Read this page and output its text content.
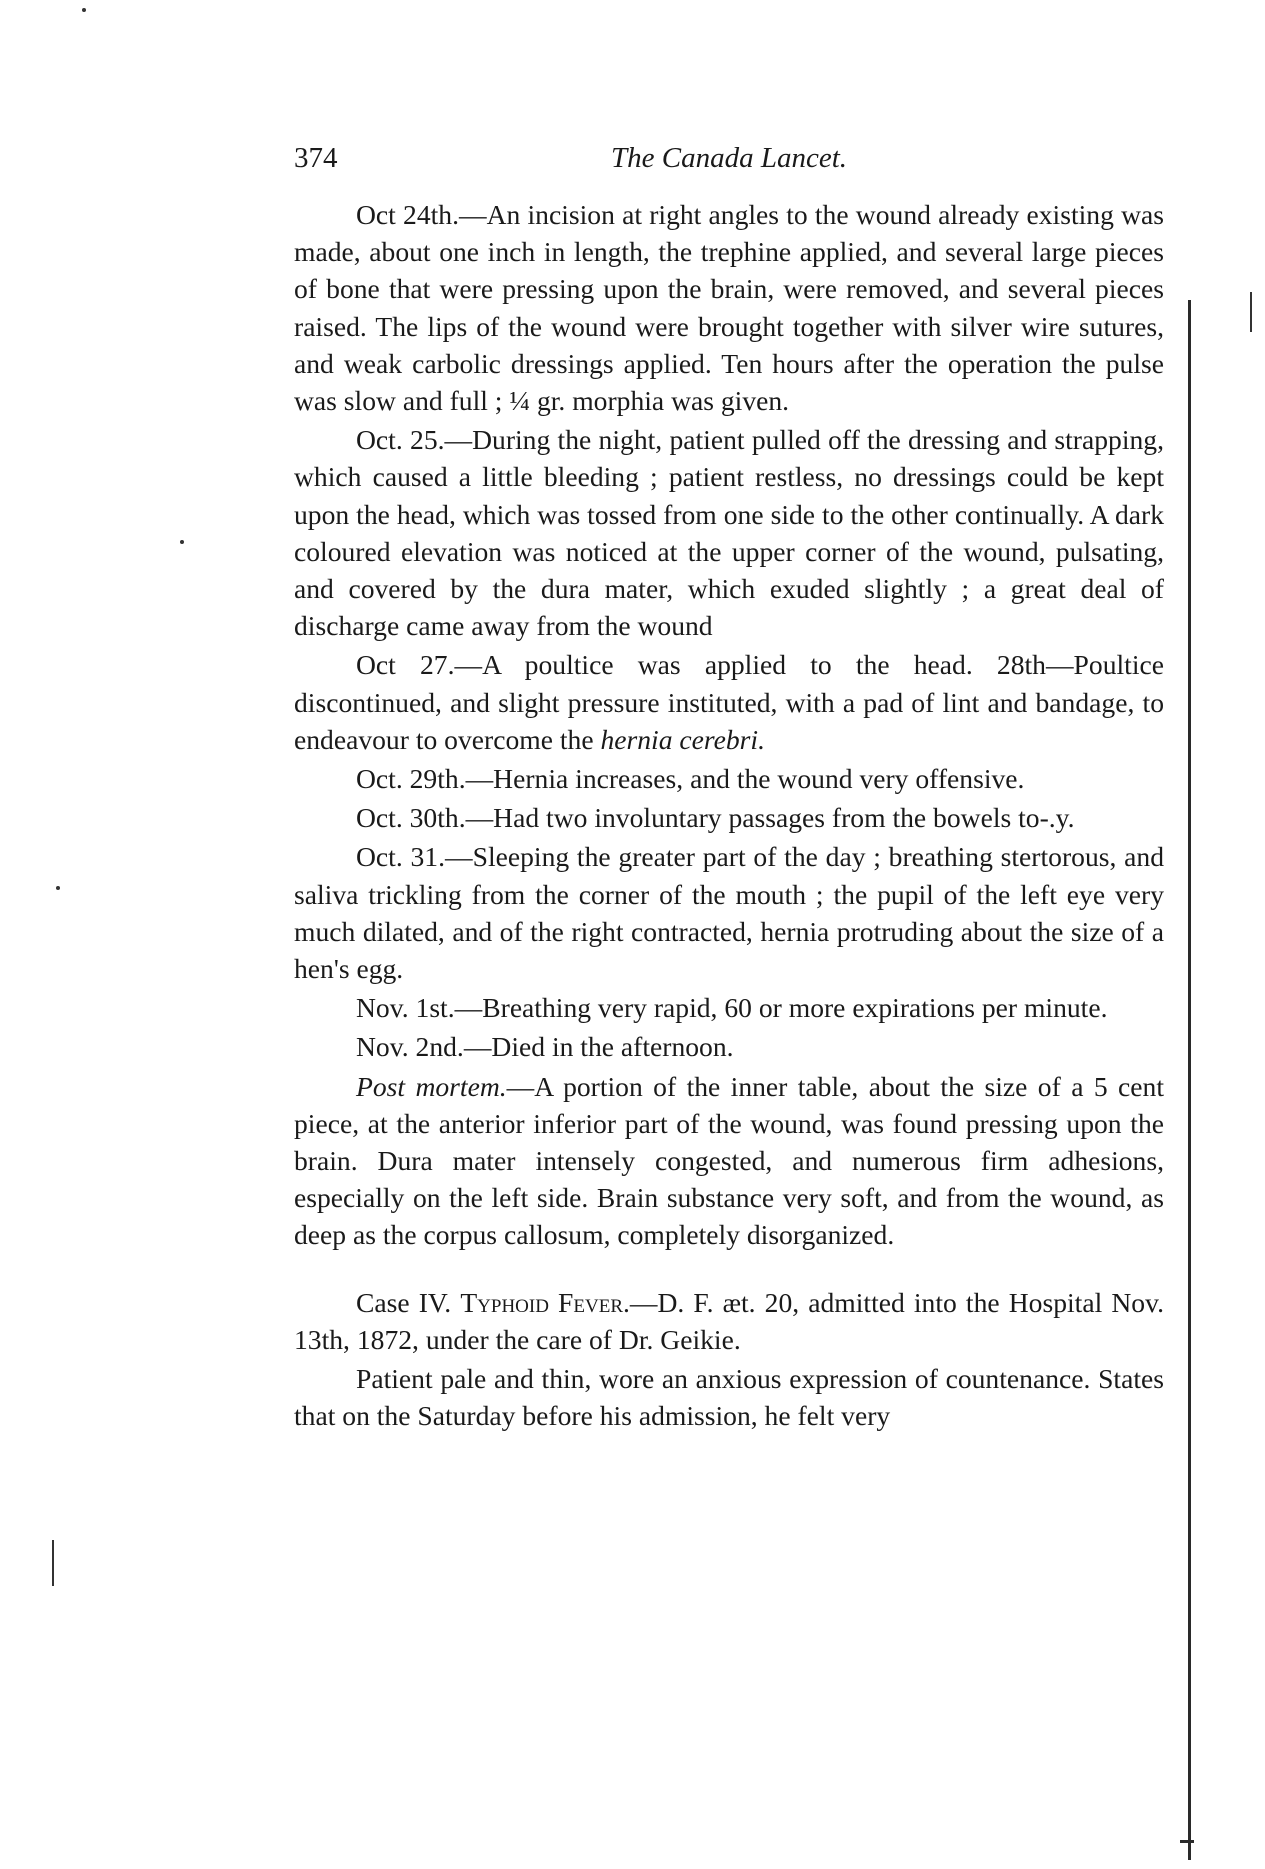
374	The Canada Lancet.

Oct 24th.—An incision at right angles to the wound already existing was made, about one inch in length, the trephine applied, and several large pieces of bone that were pressing upon the brain, were removed, and several pieces raised. The lips of the wound were brought together with silver wire sutures, and weak carbolic dressings applied. Ten hours after the operation the pulse was slow and full ; ¼ gr. morphia was given.

Oct. 25.—During the night, patient pulled off the dressing and strapping, which caused a little bleeding ; patient restless, no dressings could be kept upon the head, which was tossed from one side to the other continually. A dark coloured elevation was noticed at the upper corner of the wound, pulsating, and covered by the dura mater, which exuded slightly ; a great deal of discharge came away from the wound

Oct 27.—A poultice was applied to the head. 28th—Poultice discontinued, and slight pressure instituted, with a pad of lint and bandage, to endeavour to overcome the hernia cerebri.

Oct. 29th.—Hernia increases, and the wound very offensive.

Oct. 30th.—Had two involuntary passages from the bowels to-.y.

Oct. 31.—Sleeping the greater part of the day ; breathing stertorous, and saliva trickling from the corner of the mouth ; the pupil of the left eye very much dilated, and of the right contracted, hernia protruding about the size of a hen's egg.

Nov. 1st.—Breathing very rapid, 60 or more expirations per minute.

Nov. 2nd.—Died in the afternoon.

Post mortem.—A portion of the inner table, about the size of a 5 cent piece, at the anterior inferior part of the wound, was found pressing upon the brain. Dura mater intensely congested, and numerous firm adhesions, especially on the left side. Brain substance very soft, and from the wound, as deep as the corpus callosum, completely disorganized.

Case IV. Typhoid Fever.—D. F. æt. 20, admitted into the Hospital Nov. 13th, 1872, under the care of Dr. Geikie.

Patient pale and thin, wore an anxious expression of countenance. States that on the Saturday before his admission, he felt very
